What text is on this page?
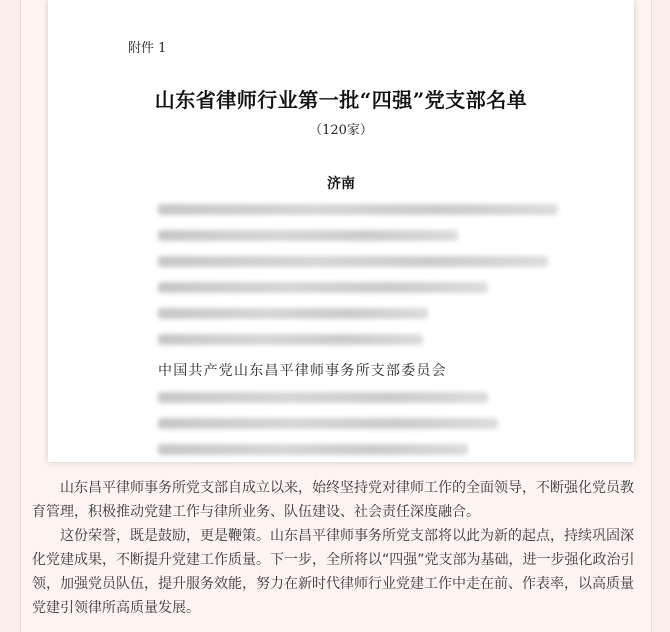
附件 1
山东省律师行业第一批“四强”党支部名单
（120家）
济南
中国共产党山东昌平律师事务所支部委员会

山东昌平律师事务所党支部自成立以来，始终坚持党对律师工作的全面领导，不断强化党员教育管理，积极推动党建工作与律所业务、队伍建设、社会责任深度融合。

这份荣誉，既是鼓励，更是鞭策。山东昌平律师事务所党支部将以此为新的起点，持续巩固深化党建成果，不断提升党建工作质量。下一步，全所将以“四强”党支部为基础，进一步强化政治引领，加强党员队伍，提升服务效能，努力在新时代律师行业党建工作中走在前、作表率，以高质量党建引领律所高质量发展。
